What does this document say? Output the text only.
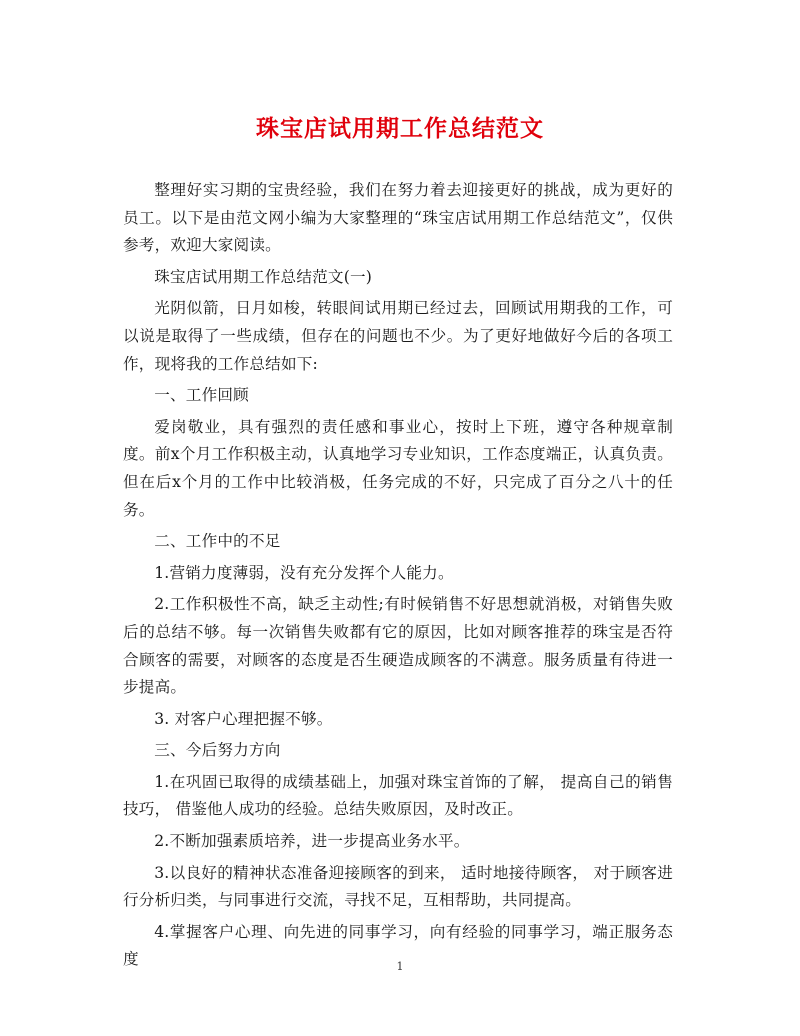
珠宝店试用期工作总结范文

整理好实习期的宝贵经验，我们在努力着去迎接更好的挑战，成为更好的员工。以下是由范文网小编为大家整理的“珠宝店试用期工作总结范文”，仅供参考，欢迎大家阅读。

珠宝店试用期工作总结范文(一)

光阴似箭，日月如梭，转眼间试用期已经过去，回顾试用期我的工作，可以说是取得了一些成绩，但存在的问题也不少。为了更好地做好今后的各项工作，现将我的工作总结如下:

一、工作回顾

爱岗敬业，具有强烈的责任感和事业心，按时上下班，遵守各种规章制度。前x个月工作积极主动，认真地学习专业知识，工作态度端正，认真负责。但在后x个月的工作中比较消极，任务完成的不好，只完成了百分之八十的任务。

二、工作中的不足

1.营销力度薄弱，没有充分发挥个人能力。

2.工作积极性不高，缺乏主动性;有时候销售不好思想就消极，对销售失败后的总结不够。每一次销售失败都有它的原因，比如对顾客推荐的珠宝是否符合顾客的需要，对顾客的态度是否生硬造成顾客的不满意。服务质量有待进一步提高。

3. 对客户心理把握不够。

三、今后努力方向

1.在巩固已取得的成绩基础上，加强对珠宝首饰的了解， 提高自己的销售技巧， 借鉴他人成功的经验。总结失败原因，及时改正。

2.不断加强素质培养，进一步提高业务水平。

3.以良好的精神状态准备迎接顾客的到来， 适时地接待顾客， 对于顾客进行分析归类，与同事进行交流，寻找不足，互相帮助，共同提高。

4.掌握客户心理、向先进的同事学习，向有经验的同事学习，端正服务态度	1
